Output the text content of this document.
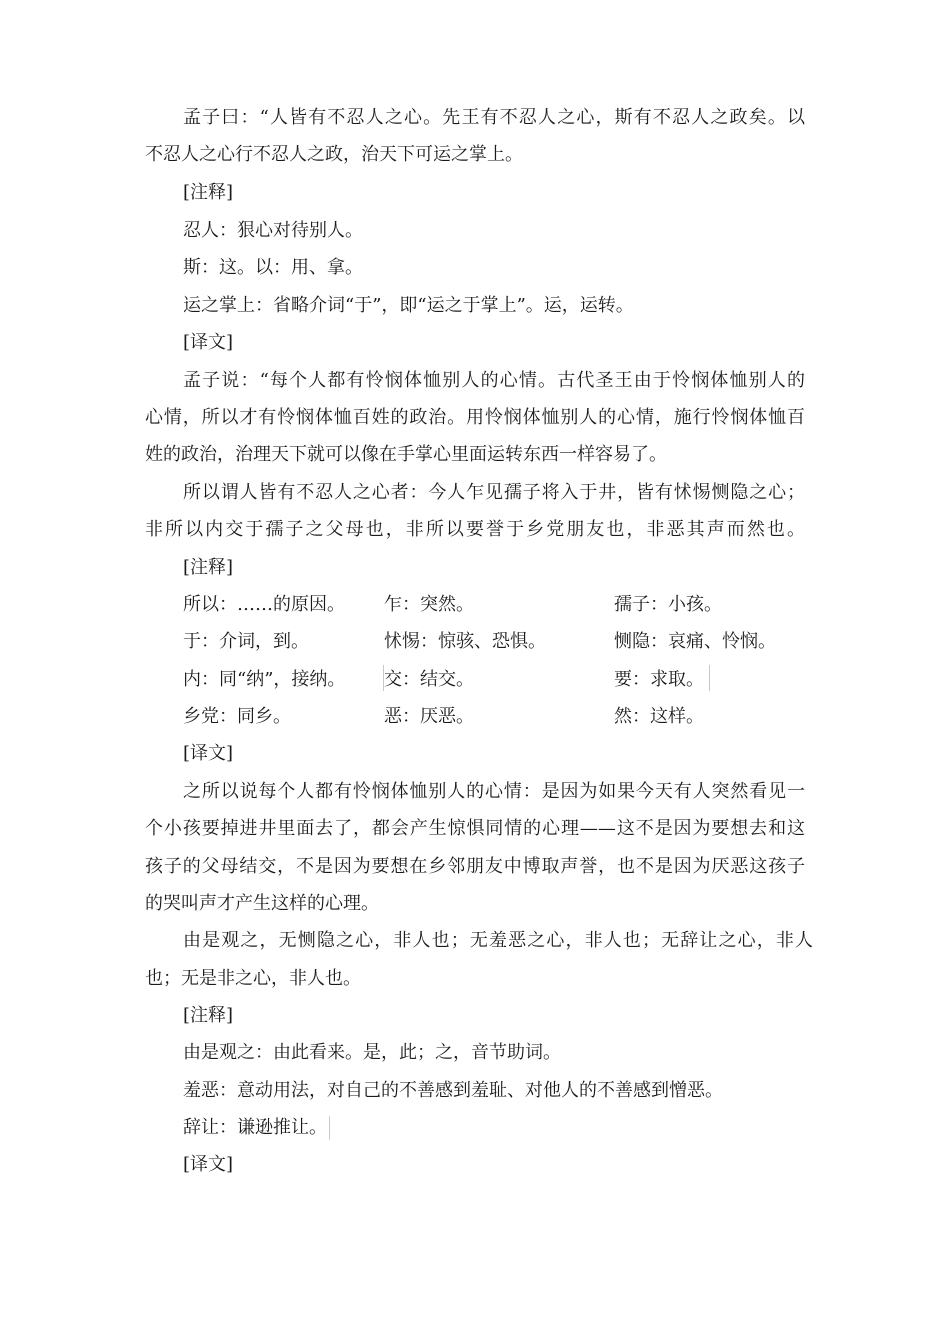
孟子曰：“人皆有不忍人之心。先王有不忍人之心，斯有不忍人之政矣。以
不忍人之心行不忍人之政，治天下可运之掌上。
[注释]
忍人：狠心对待别人。
斯：这。以：用、拿。
运之掌上：省略介词“于”，即“运之于掌上”。运，运转。
[译文]
孟子说：“每个人都有怜悯体恤别人的心情。古代圣王由于怜悯体恤别人的
心情，所以才有怜悯体恤百姓的政治。用怜悯体恤别人的心情，施行怜悯体恤百
姓的政治，治理天下就可以像在手掌心里面运转东西一样容易了。
所以谓人皆有不忍人之心者：今人乍见孺子将入于井，皆有怵惕恻隐之心；
非所以内交于孺子之父母也，非所以要誉于乡党朋友也，非恶其声而然也。
[注释]
所以：……的原因。 乍：突然。	孺子：小孩。
于：介词，到。	怵惕：惊骇、恐惧。	恻隐：哀痛、怜悯。
内：同“纳”，接纳。 交：结交。	要：求取。
乡党：同乡。	恶：厌恶。	然：这样。
[译文]
之所以说每个人都有怜悯体恤别人的心情：是因为如果今天有人突然看见一
个小孩要掉进井里面去了，都会产生惊惧同情的心理——这不是因为要想去和这
孩子的父母结交，不是因为要想在乡邻朋友中博取声誉，也不是因为厌恶这孩子
的哭叫声才产生这样的心理。
由是观之，无恻隐之心，非人也；无羞恶之心，非人也；无辞让之心，非人
也；无是非之心，非人也。
[注释]
由是观之：由此看来。是，此；之，音节助词。
羞恶：意动用法，对自己的不善感到羞耻、对他人的不善感到憎恶。
辞让：谦逊推让。
[译文]
